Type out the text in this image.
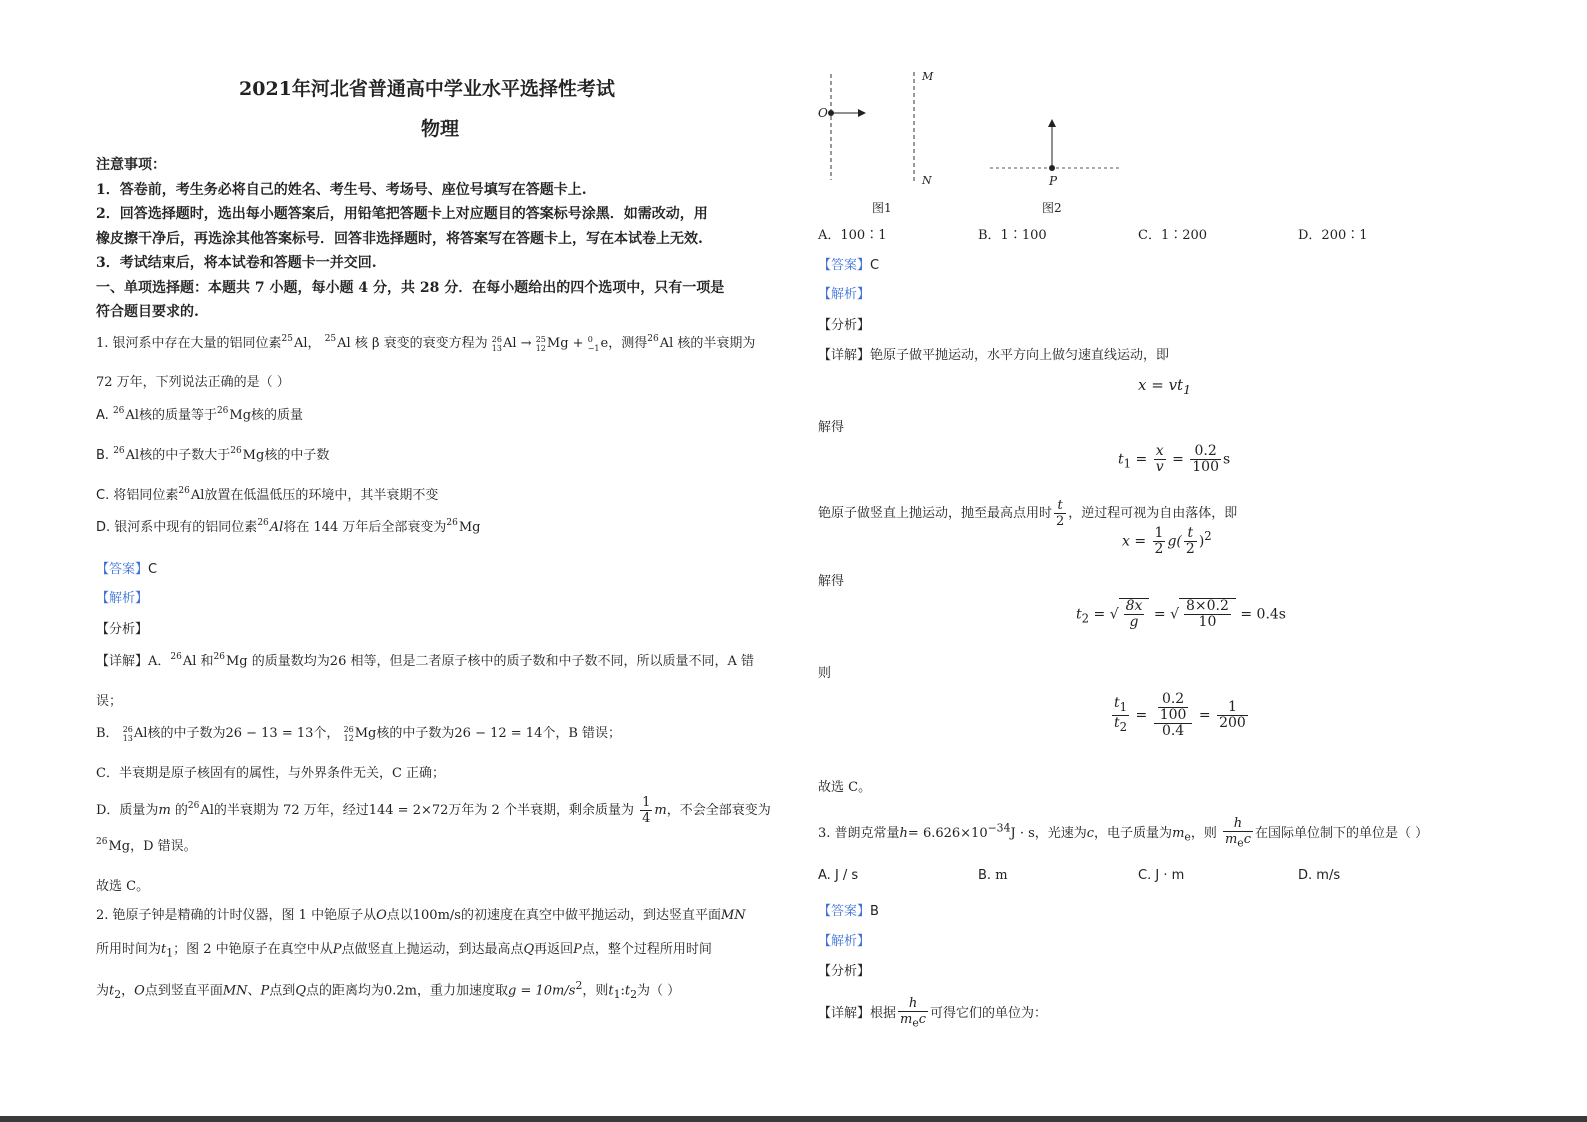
2021年河北省普通高中学业水平选择性考试
物理
注意事项：
1．答卷前，考生务必将自己的姓名、考生号、考场号、座位号填写在答题卡上.
2．回答选择题时，选出每小题答案后，用铅笔把答题卡上对应题目的答案标号涂黑．如需改动，用
橡皮擦干净后，再选涂其他答案标号．回答非选择题时，将答案写在答题卡上，写在本试卷上无效.
3．考试结束后，将本试卷和答题卡一并交回.
一、单项选择题：本题共 7 小题，每小题 4 分，共 28 分．在每小题给出的四个选项中，只有一项是
符合题目要求的.
1. 银河系中存在大量的铝同位素$^{25}$Al， $^{25}$Al 核 β 衰变的衰变方程为 26
13 Al → 25
12 Mg + 0
−1 e，测得$^{26}$Al 核的半衰期为
72 万年，下列说法正确的是（ ）
A. $^{26}$Al核的质量等于$^{26}$Mg核的质量
B. $^{26}$Al核的中子数大于$^{26}$Mg核的中子数
C. 将铝同位素$^{26}$Al放置在低温低压的环境中，其半衰期不变
D. 银河系中现有的铝同位素$^{26}$Al将在 144 万年后全部衰变为$^{26}$Mg
【答案】C
【解析】
【分析】
【详解】A．$^{26}$Al 和$^{26}$Mg 的质量数均为26 相等，但是二者原子核中的质子数和中子数不同，所以质量不同，A 错
误；
B． 26
13 Al核的中子数为26 − 13 = 13个， 26
12 Mg核的中子数为26 − 12 = 14个，B 错误；
C．半衰期是原子核固有的属性，与外界条件无关，C 正确；
D．质量为m 的$^{26}$Al的半衰期为 72 万年，经过144 = 2×72万年为 2 个半衰期，剩余质量为 $\frac{1}{4}$ m，不会全部衰变为
$^{26}$Mg，D 错误。
故选 C。
2. 铯原子钟是精确的计时仪器，图 1 中铯原子从O点以100m/s的初速度在真空中做平抛运动，到达竖直平面MN
所用时间为$t_1$；图 2 中铯原子在真空中从P点做竖直上抛运动，到达最高点Q再返回P点，整个过程所用时间
为$t_2$，O点到竖直平面MN、P点到Q点的距离均为0.2m，重力加速度取$g = 10m/s^2$，则$t_1:t_2$为（ ）
O
M
N	P
图1	图2
A．100∶1	B．1∶100	C．1∶200	D．200∶1
【答案】C
【解析】
【分析】
【详解】铯原子做平抛运动，水平方向上做匀速直线运动，即
$x = vt_1$
解得
$t_1 = \frac{x}{v} = \frac{0.2}{100}$ s
铯原子做竖直上抛运动，抛至最高点用时 $\frac{t}{2}$ ，逆过程可视为自由落体，即
$x = \frac{1}{2} g( \frac{t}{2} )^2$
解得
$t_2$ = √ $\frac{8x}{g}$ = √ $\frac{8\times 0.2}{10} = 0.4s$
则
$\frac{t_1}{t_2} = \frac{\frac{0.2}{100}}{0.4} = \frac{1}{200}$
故选 C。
3. 普朗克常量$h= 6.626\times 10^{-34}J \cdot s$，光速为c，电子质量为$m_e$，则 $\frac{h}{m_ec}$ 在国际单位制下的单位是（ ）
A. J / s	B. m	C. J · m	D. m/s
【答案】B
【解析】
【分析】
【详解】根据 $\frac{h}{m_ec}$ 可得它们的单位为：
